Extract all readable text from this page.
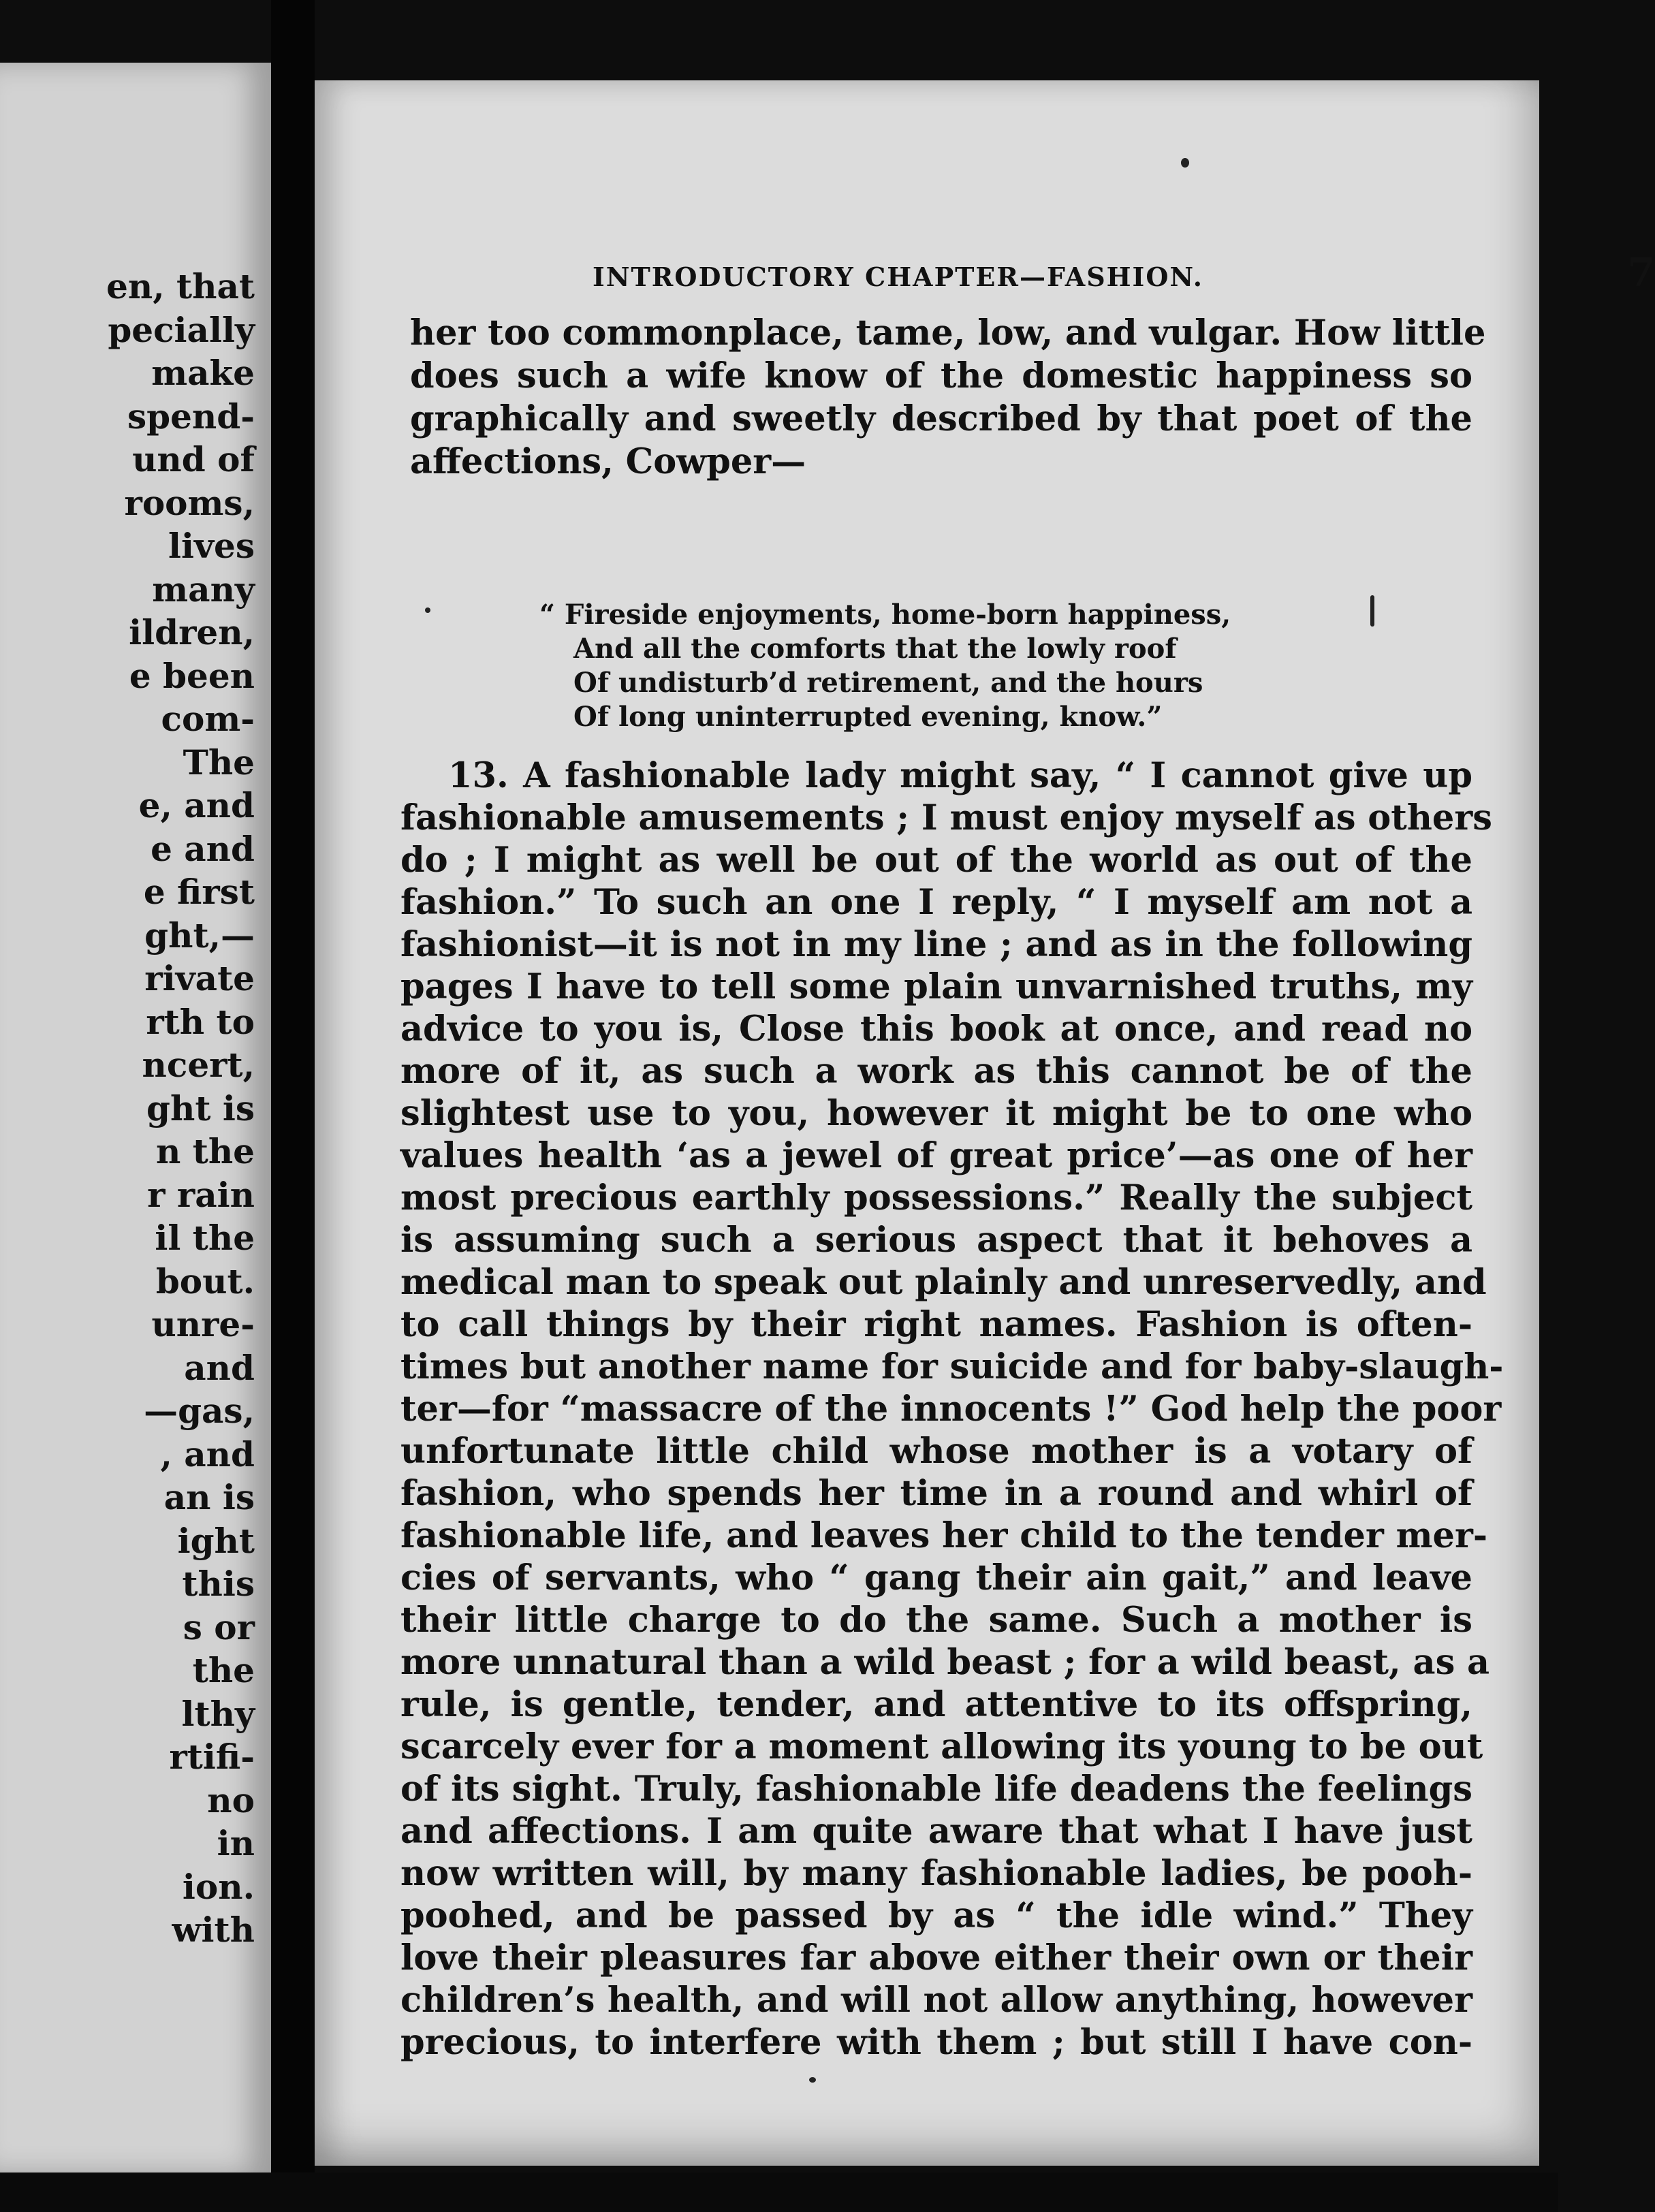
en, that

pecially

make

spend-

und of

rooms,

lives

many

ildren,

e been

com-

The

e, and

e and

e first

ght,—

rivate

rth to

ncert,

ght is

n the

r rain

il the

bout.

unre-

and

—gas,

, and

an is

ight

this

s or

the

lthy

rtifi-

no

in

ion.

with

INTRODUCTORY CHAPTER—FASHION.	7
her too commonplace, tame, low, and vulgar. How little
does such a wife know of the domestic happiness so
graphically and sweetly described by that poet of the
affections, Cowper—
“ Fireside enjoyments, home-born happiness,
And all the comforts that the lowly roof
Of undisturb’d retirement, and the hours
Of long uninterrupted evening, know.”
13. A fashionable lady might say, “ I cannot give up
fashionable amusements ; I must enjoy myself as others
do ; I might as well be out of the world as out of the
fashion.” To such an one I reply, “ I myself am not a
fashionist—it is not in my line ; and as in the following
pages I have to tell some plain unvarnished truths, my
advice to you is, Close this book at once, and read no
more of it, as such a work as this cannot be of the
slightest use to you, however it might be to one who
values health ‘as a jewel of great price’—as one of her
most precious earthly possessions.” Really the subject
is assuming such a serious aspect that it behoves a
medical man to speak out plainly and unreservedly, and
to call things by their right names. Fashion is often-
times but another name for suicide and for baby-slaugh-
ter—for “massacre of the innocents !” God help the poor
unfortunate little child whose mother is a votary of
fashion, who spends her time in a round and whirl of
fashionable life, and leaves her child to the tender mer-
cies of servants, who “ gang their ain gait,” and leave
their little charge to do the same. Such a mother is
more unnatural than a wild beast ; for a wild beast, as a
rule, is gentle, tender, and attentive to its offspring,
scarcely ever for a moment allowing its young to be out
of its sight. Truly, fashionable life deadens the feelings
and affections. I am quite aware that what I have just
now written will, by many fashionable ladies, be pooh-
poohed, and be passed by as “ the idle wind.” They
love their pleasures far above either their own or their
children’s health, and will not allow anything, however
precious, to interfere with them ; but still I have con-
